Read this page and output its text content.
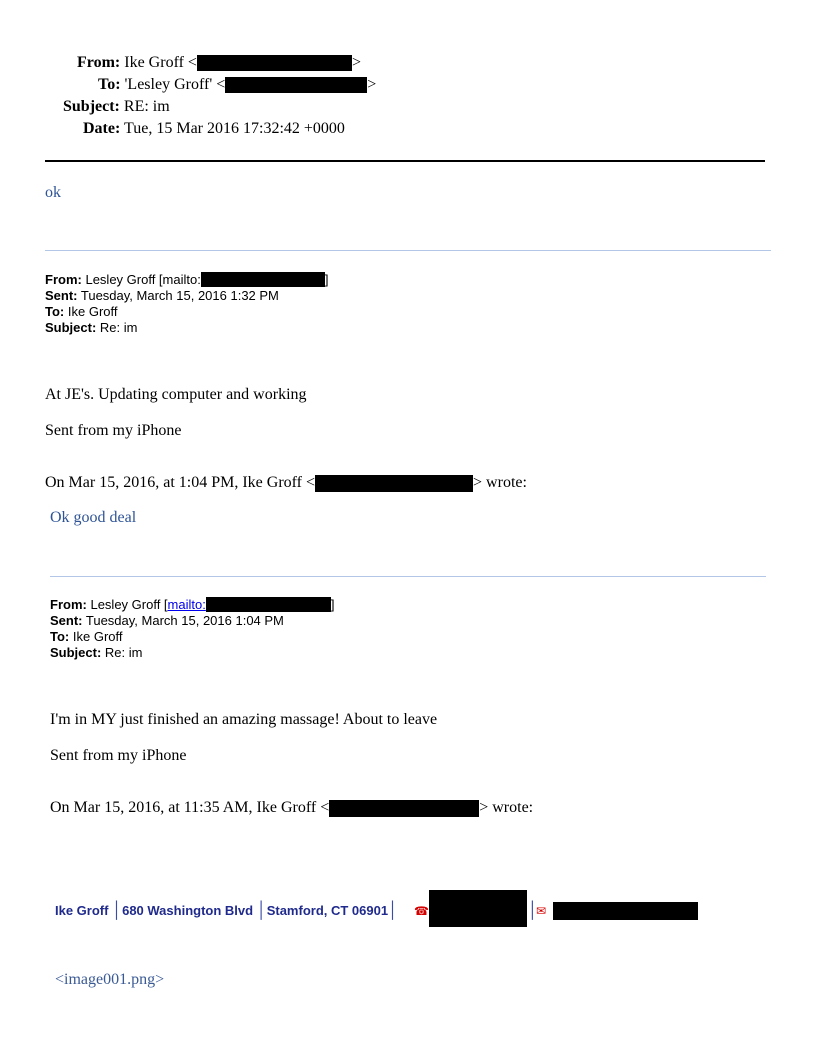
From: Ike Groff <	>
To: 'Lesley Groff' <	>
Subject: RE: im
Date: Tue, 15 Mar 2016 17:32:42 +0000
ok
From: Lesley Groff [mailto:	]
Sent: Tuesday, March 15, 2016 1:32 PM
To: Ike Groff
Subject: Re: im
At JE's. Updating computer and working
Sent from my iPhone
On Mar 15, 2016, at 1:04 PM, Ike Groff <	> wrote:
Ok good deal
From: Lesley Groff [mailto:	]
Sent: Tuesday, March 15, 2016 1:04 PM
To: Ike Groff
Subject: Re: im
I'm in MY just finished an amazing massage! About to leave
Sent from my iPhone
On Mar 15, 2016, at 11:35 AM, Ike Groff <	> wrote:
Ike Groff │680 Washington Blvd │Stamford, CT 06901│ ☎	│
✉
<image001.png>
